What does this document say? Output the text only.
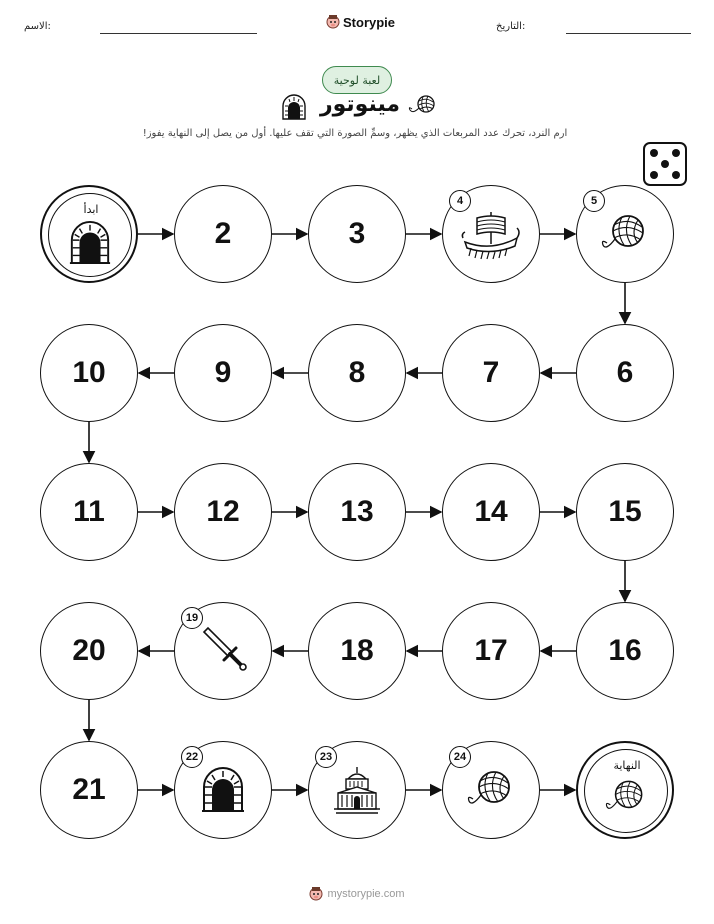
الاسم:	Storypie	التاريخ:
لعبة لوحية
مينوتور
ارم النرد، تحرك عدد المربعات الذي يظهر، وسمِّ الصورة التي تقف عليها. أول من يصل إلى النهاية يفوز!
ابدأ
2	3
4	5
6
7
8
9
10
11	12	13	14	15
16
17
18
19
20
21
22	23	24
النهاية
mystorypie.com
